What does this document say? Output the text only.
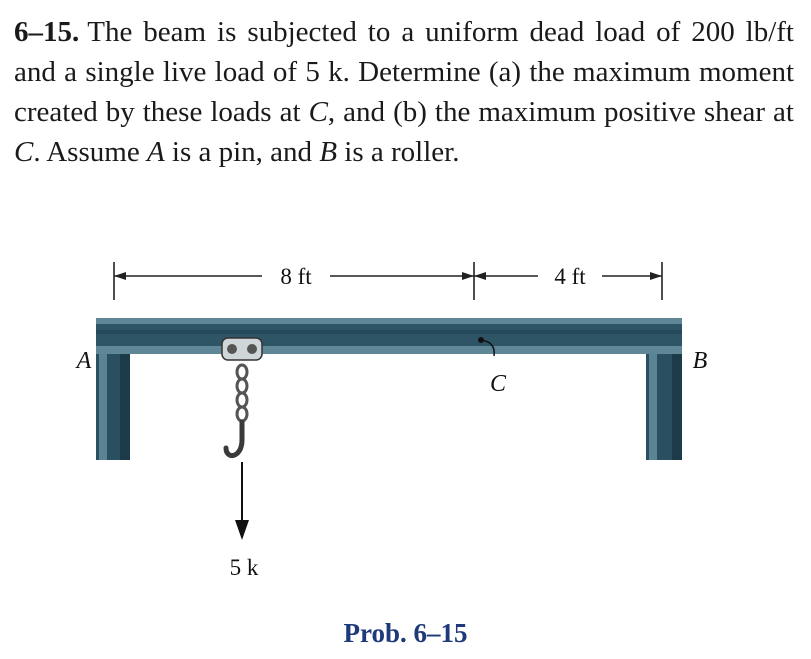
6–15. The beam is subjected to a uniform dead load of 200 lb/ft and a single live load of 5 k. Determine (a) the maximum moment created by these loads at C, and (b) the maximum positive shear at C. Assume A is a pin, and B is a roller.

8 ft	4 ft
C
A	B
5 k
Prob. 6–15
